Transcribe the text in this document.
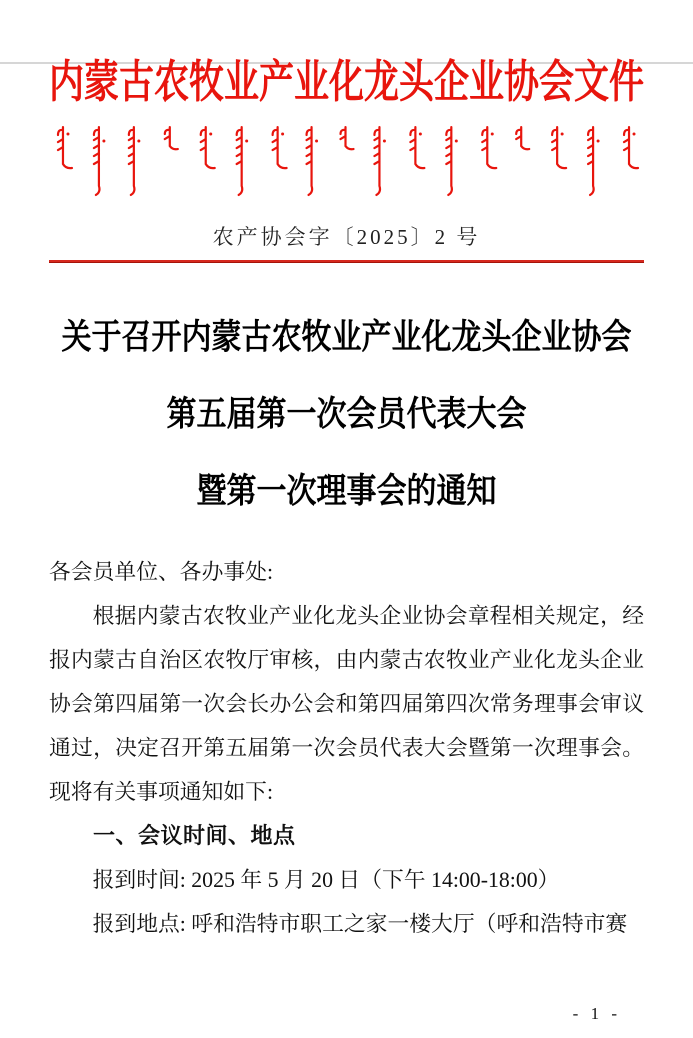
内蒙古农牧业产业化龙头企业协会文件
农产协会字〔2025〕2 号
关于召开内蒙古农牧业产业化龙头企业协会
第五届第一次会员代表大会
暨第一次理事会的通知
各会员单位、各办事处:
根据内蒙古农牧业产业化龙头企业协会章程相关规定，经报内蒙古自治区农牧厅审核，由内蒙古农牧业产业化龙头企业协会第四届第一次会长办公会和第四届第四次常务理事会审议通过，决定召开第五届第一次会员代表大会暨第一次理事会。现将有关事项通知如下:
一、会议时间、地点
报到时间: 2025 年 5 月 20 日（下午 14:00-18:00）
报到地点: 呼和浩特市职工之家一楼大厅（呼和浩特市赛
- 1 -
